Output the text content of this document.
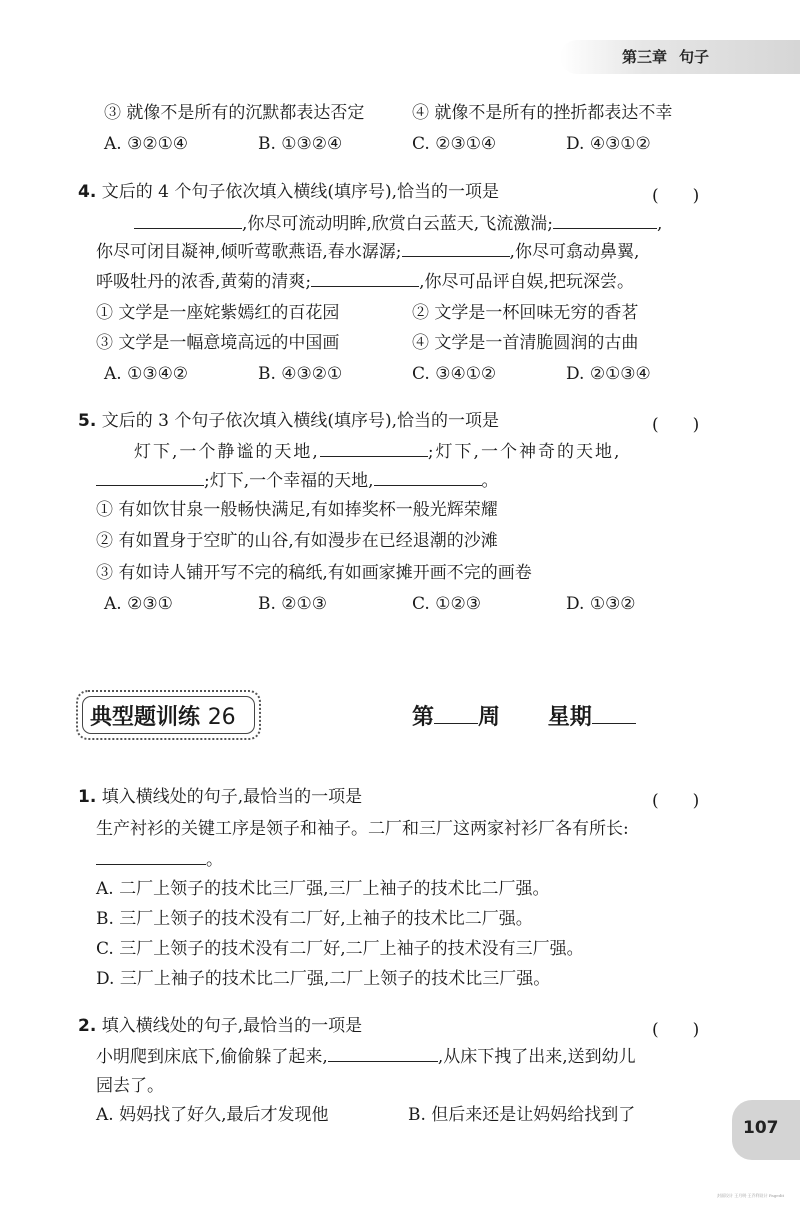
第三章 句子
③ 就像不是所有的沉默都表达否定	④ 就像不是所有的挫折都表达不幸
A. ③②①④	B. ①③②④	C. ②③①④	D. ④③①②
4. 文后的 4 个句子依次填入横线(填序号),恰当的一项是	(　　)
,你尽可流动明眸,欣赏白云蓝天,飞流激湍;	,
你尽可闭目凝神,倾听莺歌燕语,春水潺潺;	,你尽可翕动鼻翼,
呼吸牡丹的浓香,黄菊的清爽;	,你尽可品评自娱,把玩深尝。
① 文学是一座姹紫嫣红的百花园	② 文学是一杯回味无穷的香茗
③ 文学是一幅意境高远的中国画	④ 文学是一首清脆圆润的古曲
A. ①③④②	B. ④③②①	C. ③④①②	D. ②①③④
5. 文后的 3 个句子依次填入横线(填序号),恰当的一项是	(　　)
灯下,一个静谧的天地,	;灯下,一个神奇的天地,
;灯下,一个幸福的天地,	。
① 有如饮甘泉一般畅快满足,有如捧奖杯一般光辉荣耀
② 有如置身于空旷的山谷,有如漫步在已经退潮的沙滩
③ 有如诗人铺开写不完的稿纸,有如画家摊开画不完的画卷
A. ②③①	B. ②①③	C. ①②③	D. ①③②
典型题训练 26	第 周 星期
1. 填入横线处的句子,最恰当的一项是	(　　)
生产衬衫的关键工序是领子和袖子。二厂和三厂这两家衬衫厂各有所长:
。
A. 二厂上领子的技术比三厂强,三厂上袖子的技术比二厂强。
B. 三厂上领子的技术没有二厂好,上袖子的技术比二厂强。
C. 三厂上领子的技术没有二厂好,二厂上袖子的技术没有三厂强。
D. 三厂上袖子的技术比二厂强,二厂上领子的技术比三厂强。
2. 填入横线处的句子,最恰当的一项是	(　　)
小明爬到床底下,偷偷躲了起来,	,从床下拽了出来,送到幼儿
园去了。
A. 妈妈找了好久,最后才发现他	B. 但后来还是让妈妈给找到了
107
封面设计 王月明·王乔利设计 Pagedit
